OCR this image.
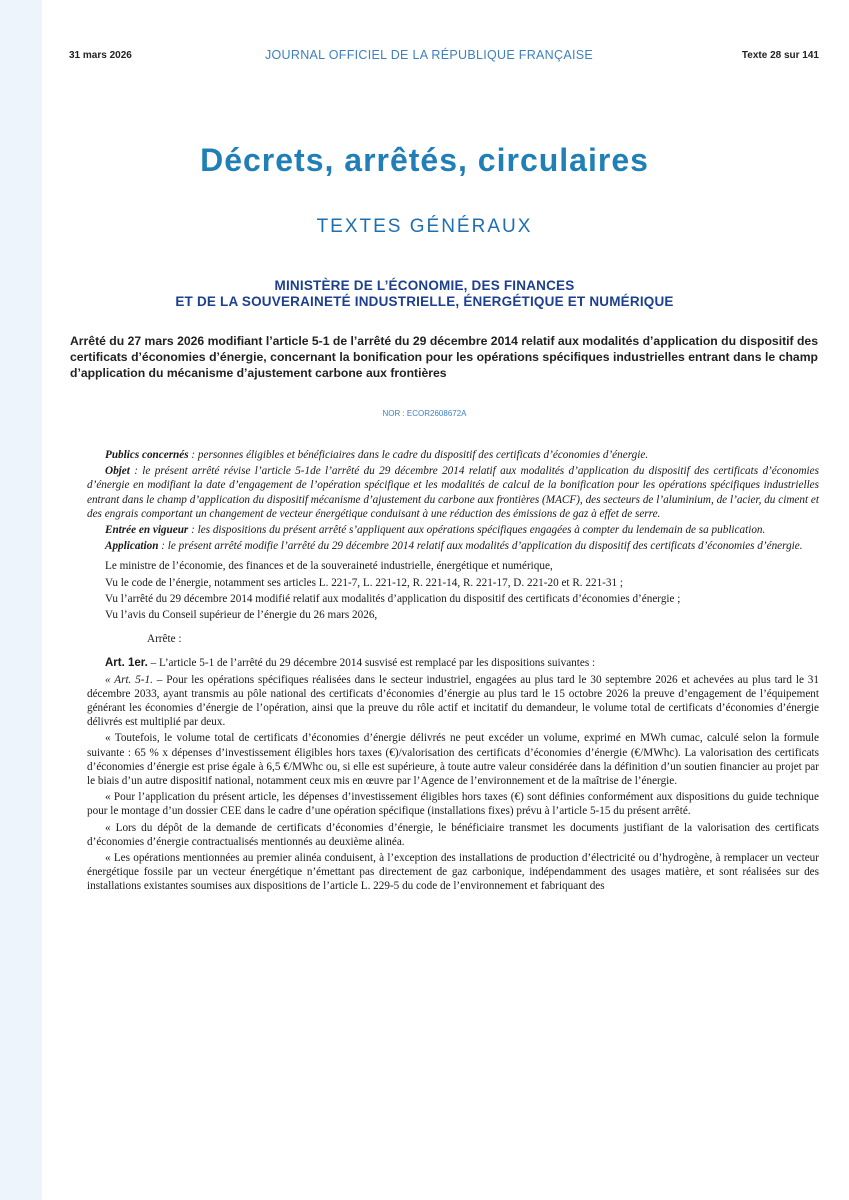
31 mars 2026	JOURNAL OFFICIEL DE LA RÉPUBLIQUE FRANÇAISE	Texte 28 sur 141
Décrets, arrêtés, circulaires
TEXTES GÉNÉRAUX
MINISTÈRE DE L’ÉCONOMIE, DES FINANCES
ET DE LA SOUVERAINETÉ INDUSTRIELLE, ÉNERGÉTIQUE ET NUMÉRIQUE
Arrêté du 27 mars 2026 modifiant l’article 5-1 de l’arrêté du 29 décembre 2014 relatif aux modalités d’application du dispositif des certificats d’économies d’énergie, concernant la bonification pour les opérations spécifiques industrielles entrant dans le champ d’application du mécanisme d’ajustement carbone aux frontières
NOR : ECOR2608672A

Publics concernés : personnes éligibles et bénéficiaires dans le cadre du dispositif des certificats d’économies d’énergie.

Objet : le présent arrêté révise l’article 5-1de l’arrêté du 29 décembre 2014 relatif aux modalités d’application du dispositif des certificats d’économies d’énergie en modifiant la date d’engagement de l’opération spécifique et les modalités de calcul de la bonification pour les opérations spécifiques industrielles entrant dans le champ d’application du dispositif mécanisme d’ajustement du carbone aux frontières (MACF), des secteurs de l’aluminium, de l’acier, du ciment et des engrais comportant un changement de vecteur énergétique conduisant à une réduction des émissions de gaz à effet de serre.

Entrée en vigueur : les dispositions du présent arrêté s’appliquent aux opérations spécifiques engagées à compter du lendemain de sa publication.

Application : le présent arrêté modifie l’arrêté du 29 décembre 2014 relatif aux modalités d’application du dispositif des certificats d’économies d’énergie.

Le ministre de l’économie, des finances et de la souveraineté industrielle, énergétique et numérique,

Vu le code de l’énergie, notamment ses articles L. 221-7, L. 221-12, R. 221-14, R. 221-17, D. 221-20 et R. 221-31 ;

Vu l’arrêté du 29 décembre 2014 modifié relatif aux modalités d’application du dispositif des certificats d’économies d’énergie ;

Vu l’avis du Conseil supérieur de l’énergie du 26 mars 2026,

Arrête :

Art. 1er. – L’article 5-1 de l’arrêté du 29 décembre 2014 susvisé est remplacé par les dispositions suivantes :

« Art. 5-1. – Pour les opérations spécifiques réalisées dans le secteur industriel, engagées au plus tard le 30 septembre 2026 et achevées au plus tard le 31 décembre 2033, ayant transmis au pôle national des certificats d’économies d’énergie au plus tard le 15 octobre 2026 la preuve d’engagement de l’équipement générant les économies d’énergie de l’opération, ainsi que la preuve du rôle actif et incitatif du demandeur, le volume total de certificats d’économies d’énergie délivrés est multiplié par deux.

« Toutefois, le volume total de certificats d’économies d’énergie délivrés ne peut excéder un volume, exprimé en MWh cumac, calculé selon la formule suivante : 65 % x dépenses d’investissement éligibles hors taxes (€)/valorisation des certificats d’économies d’énergie (€/MWhc). La valorisation des certificats d’économies d’énergie est prise égale à 6,5 €/MWhc ou, si elle est supérieure, à toute autre valeur considérée dans la définition d’un soutien financier au projet par le biais d’un autre dispositif national, notamment ceux mis en œuvre par l’Agence de l’environnement et de la maîtrise de l’énergie.

« Pour l’application du présent article, les dépenses d’investissement éligibles hors taxes (€) sont définies conformément aux dispositions du guide technique pour le montage d’un dossier CEE dans le cadre d’une opération spécifique (installations fixes) prévu à l’article 5-15 du présent arrêté.

« Lors du dépôt de la demande de certificats d’économies d’énergie, le bénéficiaire transmet les documents justifiant de la valorisation des certificats d’économies d’énergie contractualisés mentionnés au deuxième alinéa.

« Les opérations mentionnées au premier alinéa conduisent, à l’exception des installations de production d’électricité ou d’hydrogène, à remplacer un vecteur énergétique fossile par un vecteur énergétique n’émettant pas directement de gaz carbonique, indépendamment des usages matière, et sont réalisées sur des installations existantes soumises aux dispositions de l’article L. 229-5 du code de l’environnement et fabriquant des
